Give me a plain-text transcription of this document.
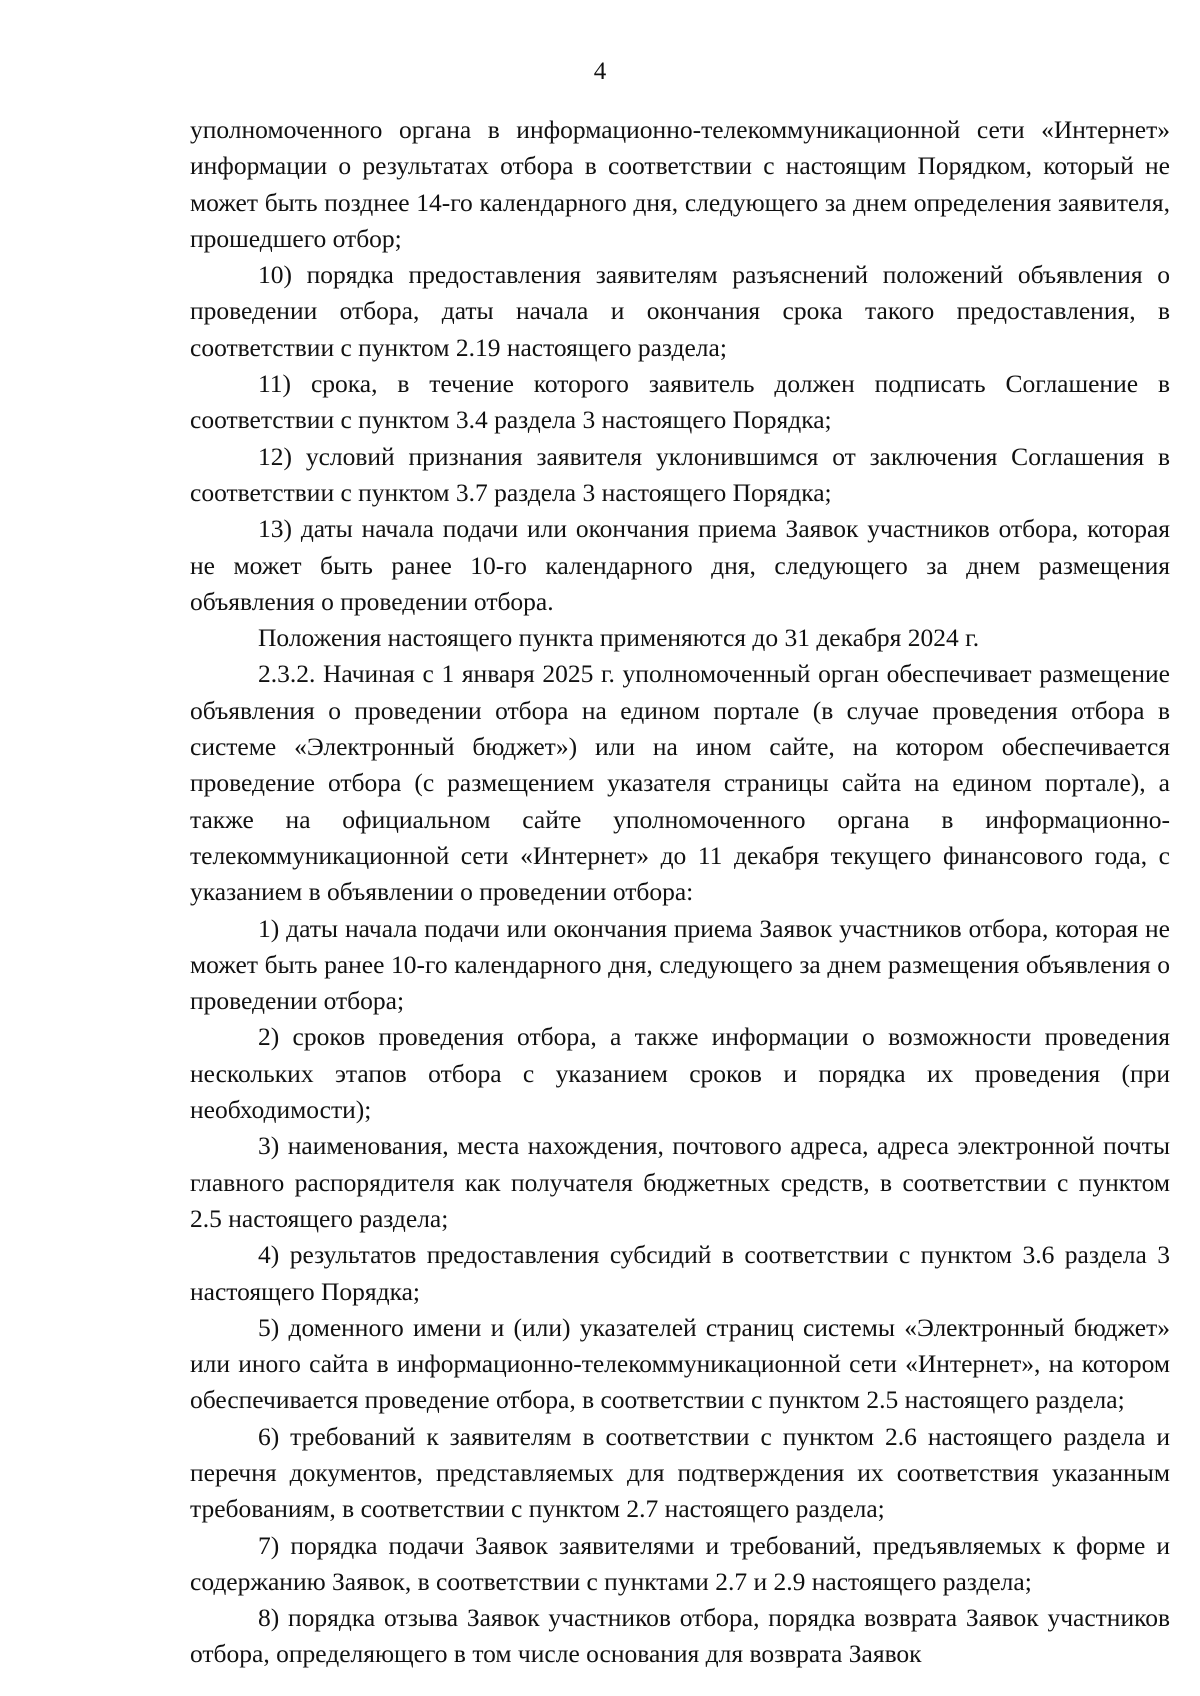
4

уполномоченного органа в информационно-телекоммуникационной сети «Интернет» информации о результатах отбора в соответствии с настоящим Порядком, который не может быть позднее 14-го календарного дня, следующего за днем определения заявителя, прошедшего отбор;

10) порядка предоставления заявителям разъяснений положений объявления о проведении отбора, даты начала и окончания срока такого предоставления, в соответствии с пунктом 2.19 настоящего раздела;

11) срока, в течение которого заявитель должен подписать Соглашение в соответствии с пунктом 3.4 раздела 3 настоящего Порядка;

12) условий признания заявителя уклонившимся от заключения Соглашения в соответствии с пунктом 3.7 раздела 3 настоящего Порядка;

13) даты начала подачи или окончания приема Заявок участников отбора, которая не может быть ранее 10-го календарного дня, следующего за днем размещения объявления о проведении отбора.

Положения настоящего пункта применяются до 31 декабря 2024 г.

2.3.2. Начиная с 1 января 2025 г. уполномоченный орган обеспечивает размещение объявления о проведении отбора на едином портале (в случае проведения отбора в системе «Электронный бюджет») или на ином сайте, на котором обеспечивается проведение отбора (с размещением указателя страницы сайта на едином портале), а также на официальном сайте уполномоченного органа в информационно-телекоммуникационной сети «Интернет» до 11 декабря текущего финансового года, с указанием в объявлении о проведении отбора:

1) даты начала подачи или окончания приема Заявок участников отбора, которая не может быть ранее 10-го календарного дня, следующего за днем размещения объявления о проведении отбора;

2) сроков проведения отбора, а также информации о возможности проведения нескольких этапов отбора с указанием сроков и порядка их проведения (при необходимости);

3) наименования, места нахождения, почтового адреса, адреса электронной почты главного распорядителя как получателя бюджетных средств, в соответствии с пунктом 2.5 настоящего раздела;

4) результатов предоставления субсидий в соответствии с пунктом 3.6 раздела 3 настоящего Порядка;

5) доменного имени и (или) указателей страниц системы «Электронный бюджет» или иного сайта в информационно-телекоммуникационной сети «Интернет», на котором обеспечивается проведение отбора, в соответствии с пунктом 2.5 настоящего раздела;

6) требований к заявителям в соответствии с пунктом 2.6 настоящего раздела и перечня документов, представляемых для подтверждения их соответствия указанным требованиям, в соответствии с пунктом 2.7 настоящего раздела;

7) порядка подачи Заявок заявителями и требований, предъявляемых к форме и содержанию Заявок, в соответствии с пунктами 2.7 и 2.9 настоящего раздела;

8) порядка отзыва Заявок участников отбора, порядка возврата Заявок участников отбора, определяющего в том числе основания для возврата Заявок
